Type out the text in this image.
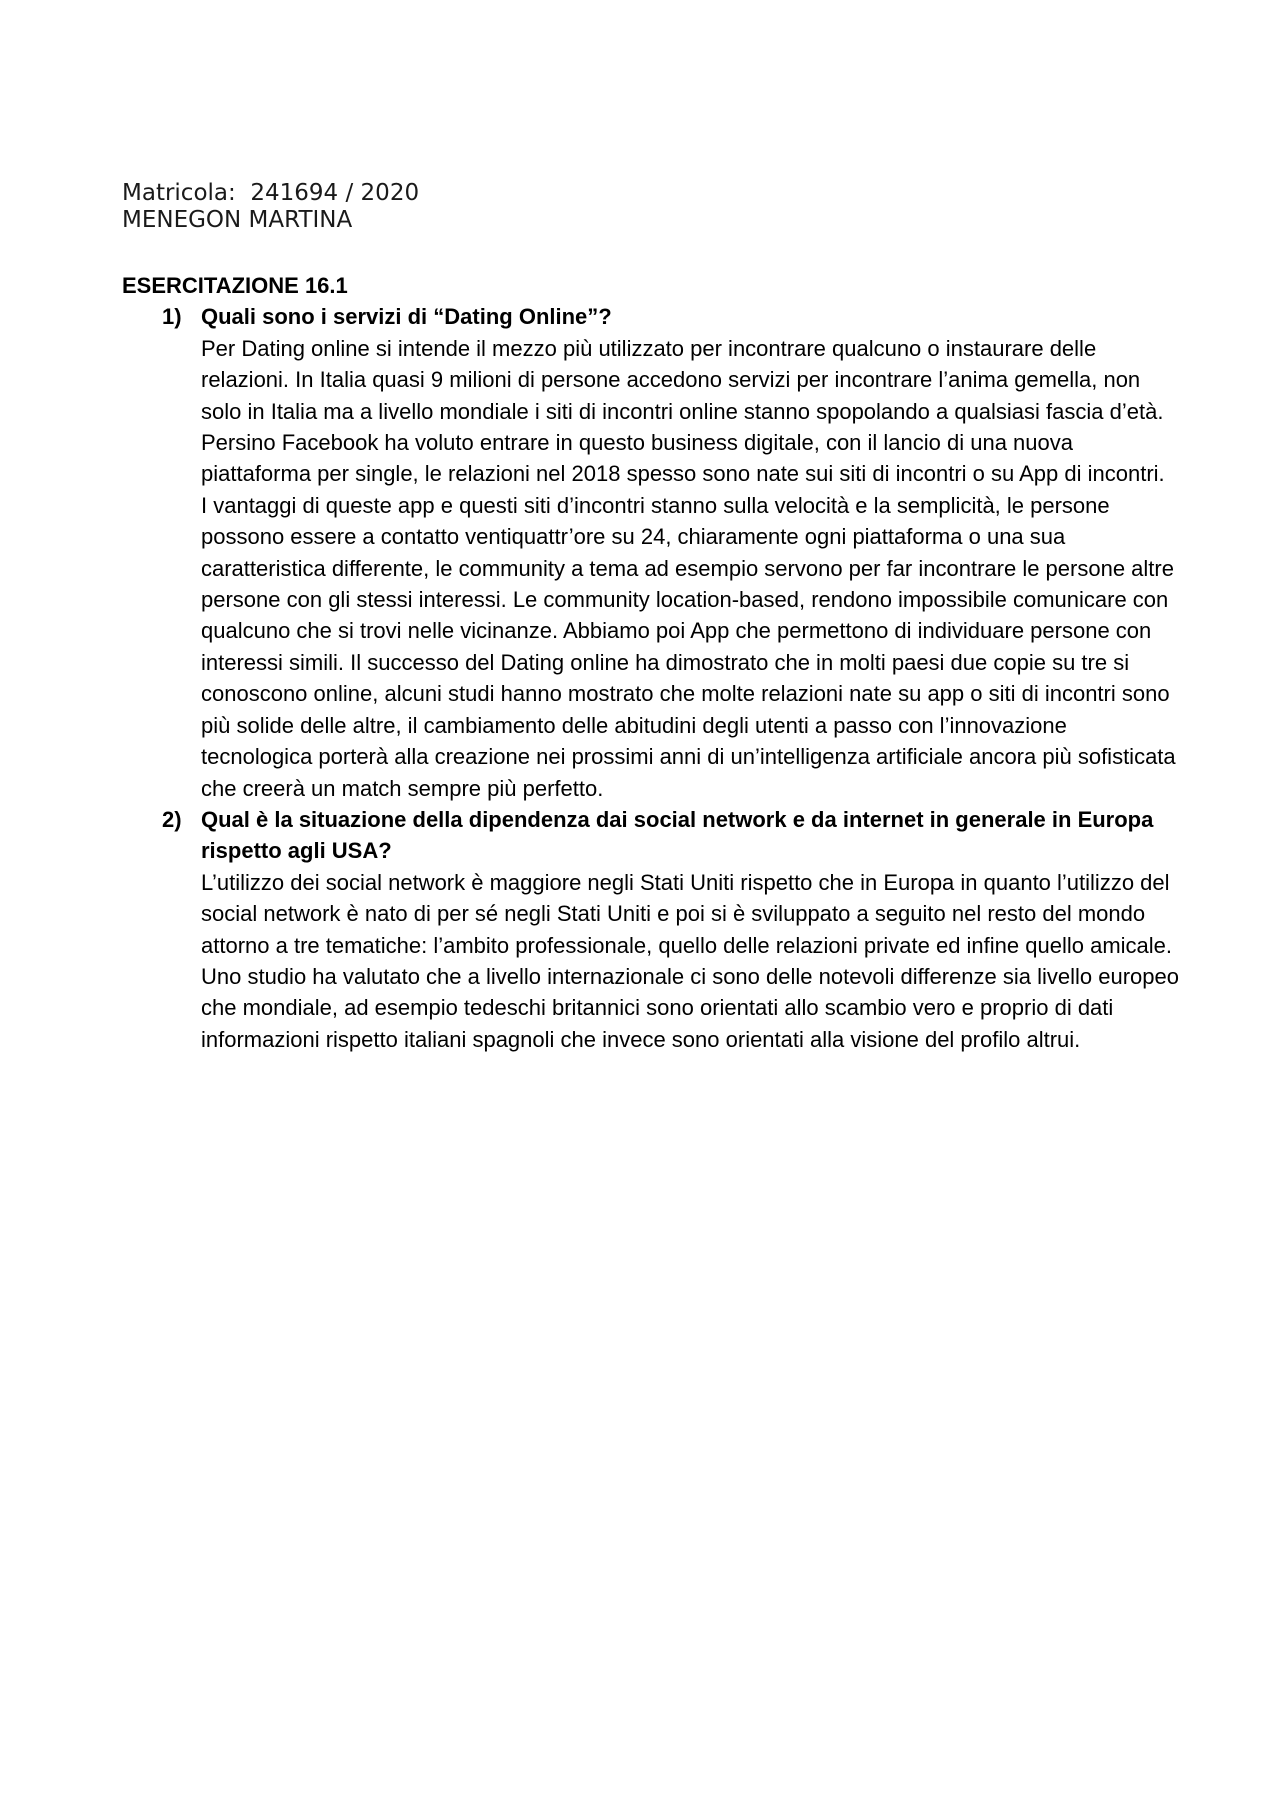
Matricola:  241694 / 2020
MENEGON MARTINA
ESERCITAZIONE 16.1
1) Quali sono i servizi di “Dating Online”?

Per Dating online si intende il mezzo più utilizzato per incontrare qualcuno o instaurare delle relazioni. In Italia quasi 9 milioni di persone accedono servizi per incontrare l’anima gemella, non solo in Italia ma a livello mondiale i siti di incontri online stanno spopolando a qualsiasi fascia d’età.

Persino Facebook ha voluto entrare in questo business digitale, con il lancio di una nuova piattaforma per single, le relazioni nel 2018 spesso sono nate sui siti di incontri o su App di incontri.

I vantaggi di queste app e questi siti d’incontri stanno sulla velocità e la semplicità, le persone possono essere a contatto ventiquattr’ore su 24, chiaramente ogni piattaforma o una sua caratteristica differente, le community a tema ad esempio servono per far incontrare le persone altre persone con gli stessi interessi. Le community location-based, rendono impossibile comunicare con qualcuno che si trovi nelle vicinanze. Abbiamo poi App che permettono di individuare persone con interessi simili. Il successo del Dating online ha dimostrato che in molti paesi due copie su tre si conoscono online, alcuni studi hanno mostrato che molte relazioni nate su app o siti di incontri sono più solide delle altre, il cambiamento delle abitudini degli utenti a passo con l’innovazione tecnologica porterà alla creazione nei prossimi anni di un’intelligenza artificiale ancora più sofisticata che creerà un match sempre più perfetto.

2) Qual è la situazione della dipendenza dai social network e da internet in generale in Europa rispetto agli USA?

L’utilizzo dei social network è maggiore negli Stati Uniti rispetto che in Europa in quanto l’utilizzo del social network è nato di per sé negli Stati Uniti e poi si è sviluppato a seguito nel resto del mondo attorno a tre tematiche: l’ambito professionale, quello delle relazioni private ed infine quello amicale. Uno studio ha valutato che a livello internazionale ci sono delle notevoli differenze sia livello europeo che mondiale, ad esempio tedeschi britannici sono orientati allo scambio vero e proprio di dati informazioni rispetto italiani spagnoli che invece sono orientati alla visione del profilo altrui.
